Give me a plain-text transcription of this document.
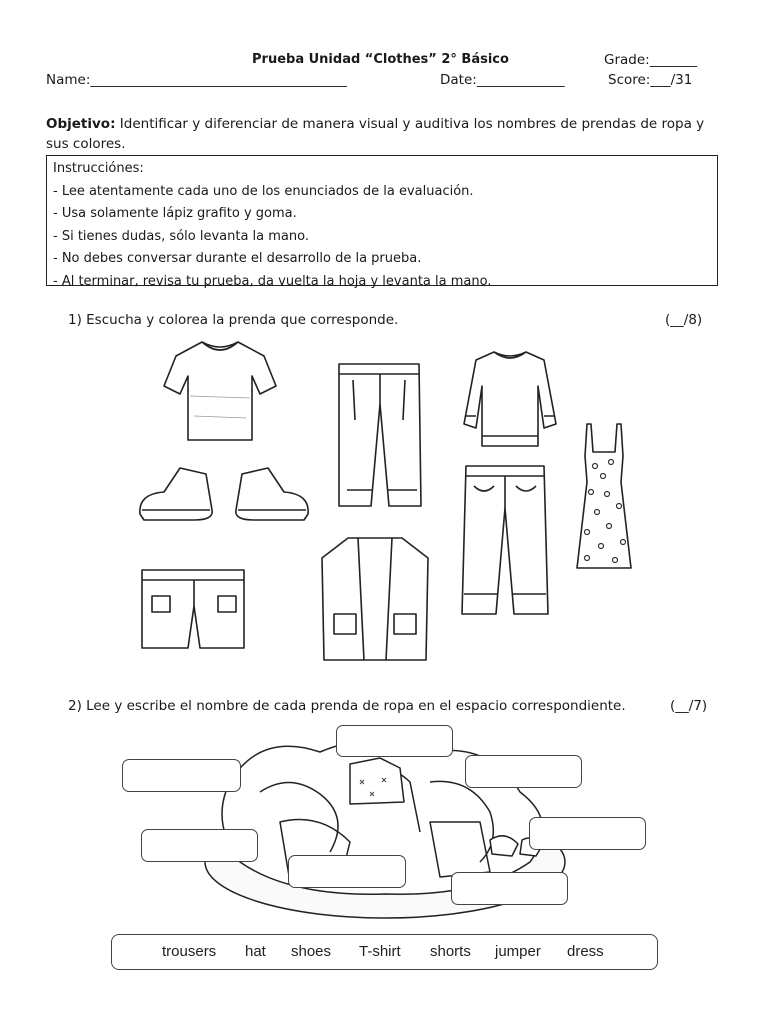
Prueba Unidad “Clothes” 2° Básico	Grade:_______
Name:______________________________________	Date:_____________	Score:___/31
Objetivo: Identificar y diferenciar de manera visual y auditiva los nombres de prendas de ropa y sus colores.
Instrucciónes:
- Lee atentamente cada uno de los enunciados de la evaluación.
- Usa solamente lápiz grafito y goma.
- Si tienes dudas, sólo levanta la mano.
- No debes conversar durante el desarrollo de la prueba.
- Al terminar, revisa tu prueba, da vuelta la hoja y levanta la mano.
1) Escucha y colorea la prenda que corresponde.	(__/8)
2) Lee y escribe el nombre de cada prenda de ropa en el espacio correspondiente.	(__/7)
trousers hat shoes T-shirt shorts jumper dress
